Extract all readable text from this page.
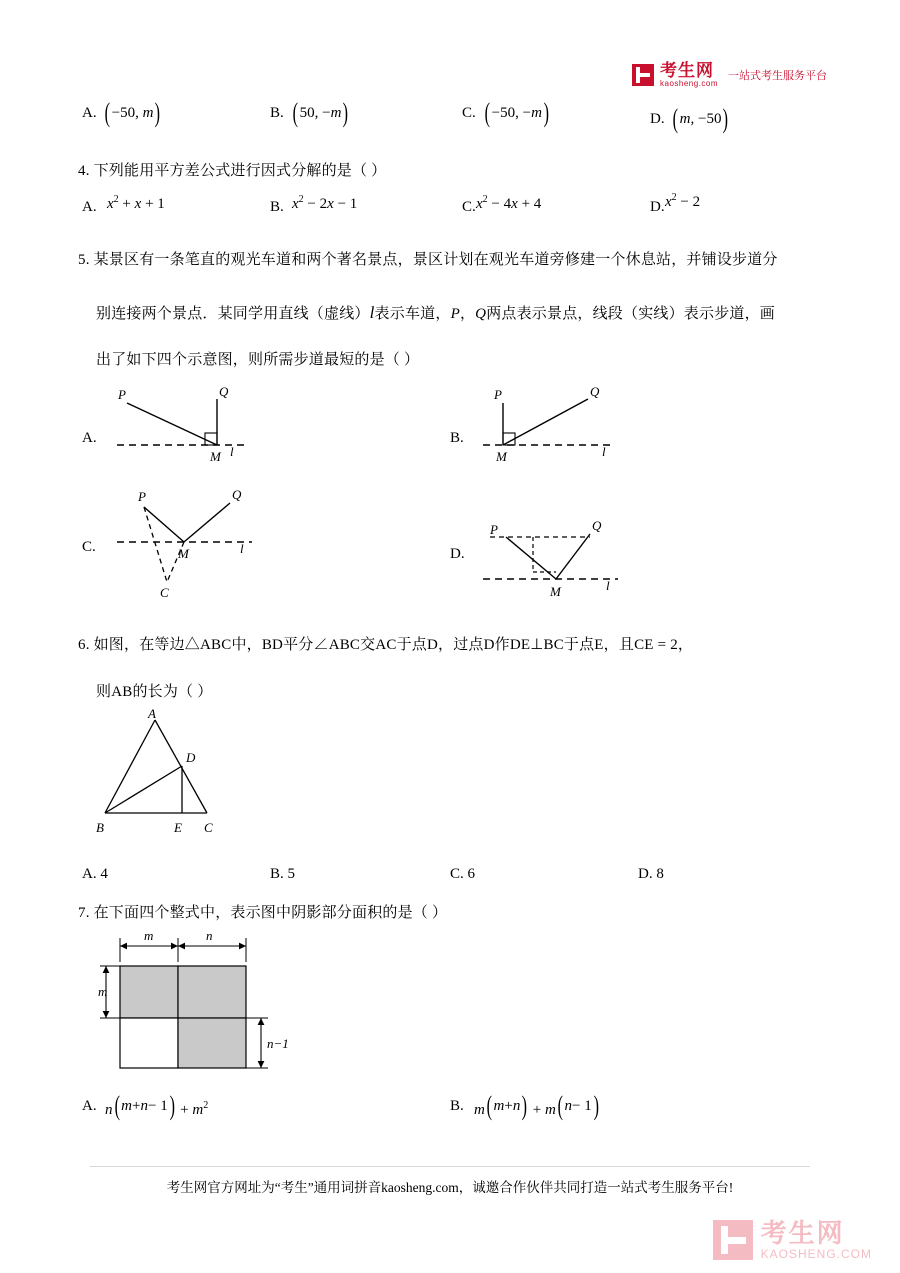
考生网
kaosheng.com
一站式考生服务平台
A. ( −50,
m )	B. ( 50, − m )	C. ( −50, − m )	D. ( m , −50 )
4. 下列能用平方差公式进行因式分解的是（ ）
A. $x^2 + x + 1$	B. $x^2 - 2x - 1$	C. $x^2 - 4x + 4$	D. $x^2 - 2$
5. 某景区有一条笔直的观光车道和两个著名景点，景区计划在观光车道旁修建一个休息站，并铺设步道分
别连接两个景点．某同学用直线（虚线）l表示车道，P，Q两点表示景点，线段（实线）表示步道，画
出了如下四个示意图，则所需步道最短的是（ ）
A.
P	Q
M l
B.
P	Q
M	l
C.
P	Q
M	l
C
D.
P	Q
M	l
6. 如图，在等边△ABC中，BD平分∠ABC交AC于点D，过点D作DE⊥BC于点E，且CE = 2，
则AB的长为（ ）
A
D
B	E C
A. 4	B. 5	C. 6	D. 8
7. 在下面四个整式中，表示图中阴影部分面积的是（ ）
m	n
m
n−1
A. n ( m + n − 1 ) + $m^2$	B. m ( m + n ) + m ( n − 1 )
考生网官方网址为“考生”通用词拼音kaosheng.com，诚邀合作伙伴共同打造一站式考生服务平台!
考生网
KAOSHENG.COM
